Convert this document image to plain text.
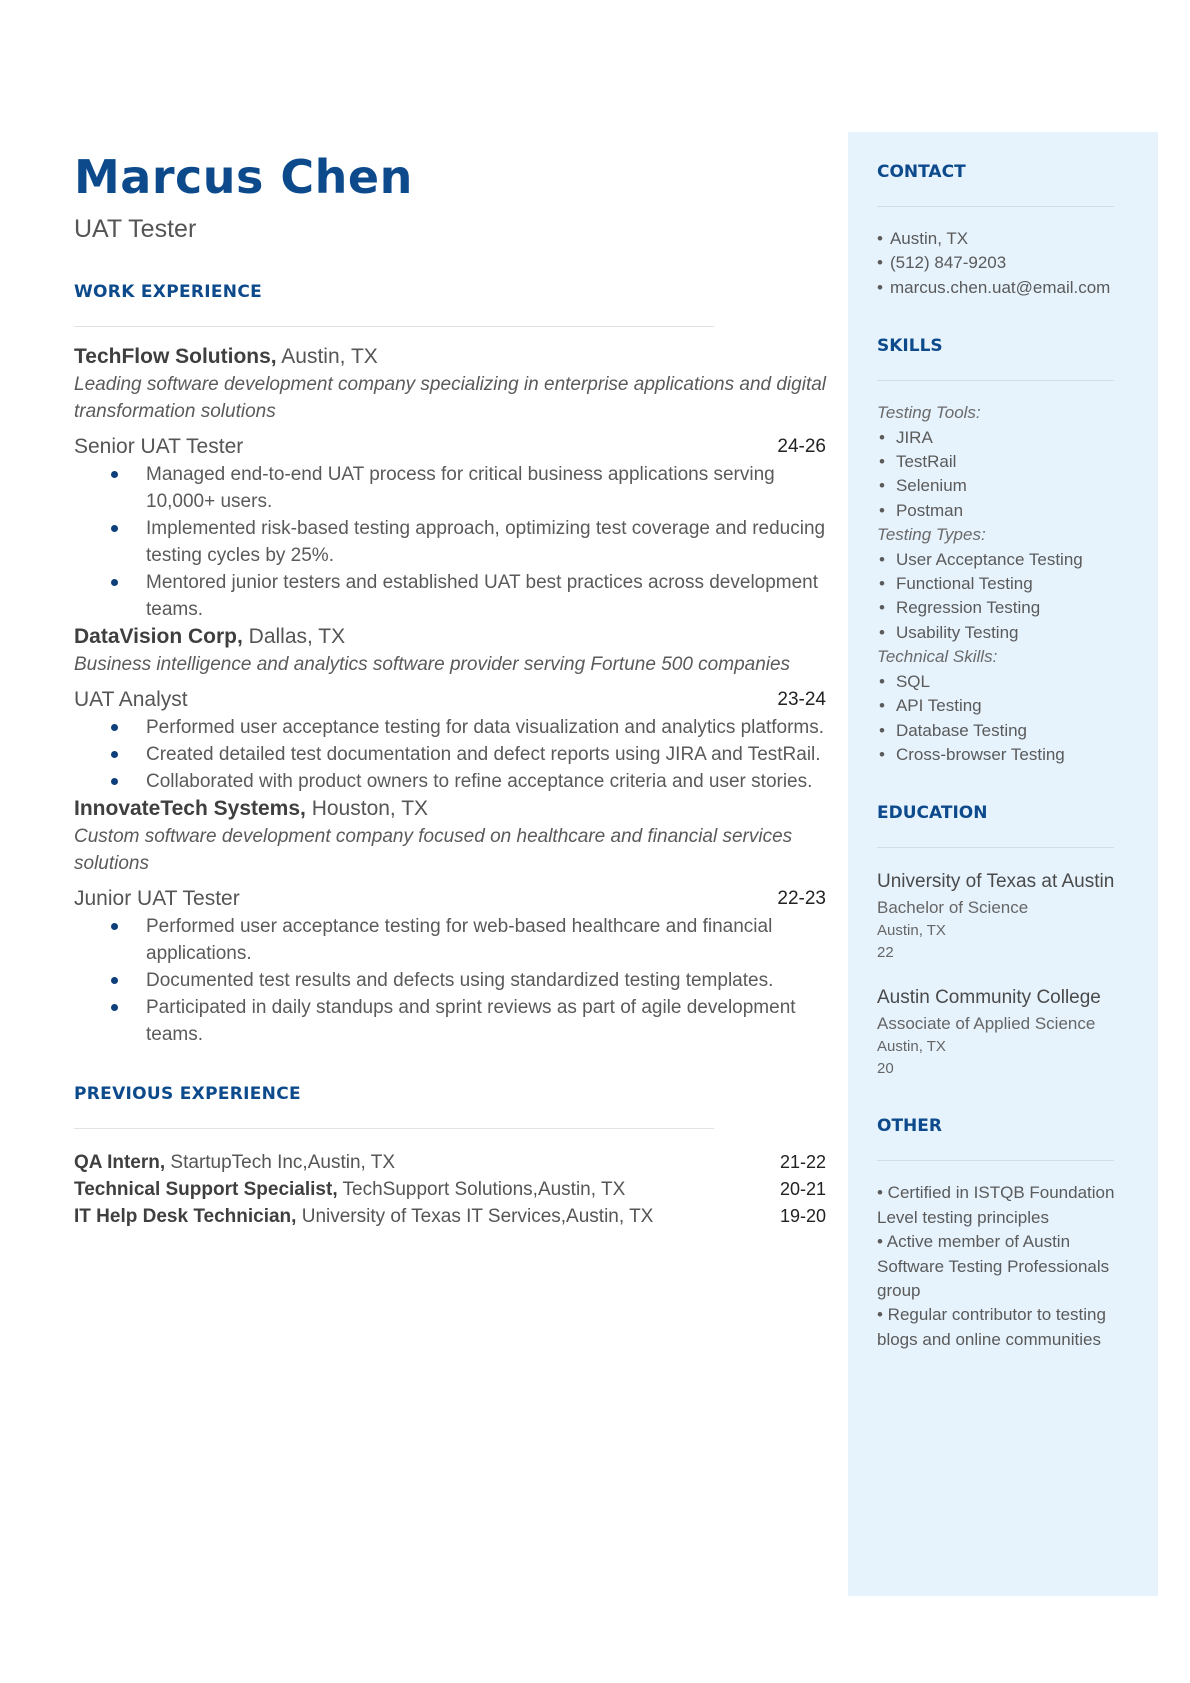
Marcus Chen
UAT Tester
WORK EXPERIENCE
TechFlow Solutions, Austin, TX
Leading software development company specializing in enterprise applications and digital transformation solutions
Senior UAT Tester	24-26
Managed end-to-end UAT process for critical business applications serving 10,000+ users.
Implemented risk-based testing approach, optimizing test coverage and reducing testing cycles by 25%.
Mentored junior testers and established UAT best practices across development teams.
DataVision Corp, Dallas, TX
Business intelligence and analytics software provider serving Fortune 500 companies
UAT Analyst	23-24
Performed user acceptance testing for data visualization and analytics platforms.
Created detailed test documentation and defect reports using JIRA and TestRail.
Collaborated with product owners to refine acceptance criteria and user stories.
InnovateTech Systems, Houston, TX
Custom software development company focused on healthcare and financial services solutions
Junior UAT Tester	22-23
Performed user acceptance testing for web-based healthcare and financial applications.
Documented test results and defects using standardized testing templates.
Participated in daily standups and sprint reviews as part of agile development teams.
PREVIOUS EXPERIENCE
QA Intern, StartupTech Inc,Austin, TX	21-22
Technical Support Specialist, TechSupport Solutions,Austin, TX	20-21
IT Help Desk Technician, University of Texas IT Services,Austin, TX	19-20
CONTACT
• Austin, TX
• (512) 847-9203
• marcus.chen.uat@email.com
SKILLS
Testing Tools:
• JIRA
• TestRail
• Selenium
• Postman
Testing Types:
• User Acceptance Testing
• Functional Testing
• Regression Testing
• Usability Testing
Technical Skills:
• SQL
• API Testing
• Database Testing
• Cross-browser Testing
EDUCATION
University of Texas at Austin
Bachelor of Science
Austin, TX
22
Austin Community College
Associate of Applied Science
Austin, TX
20
OTHER
• Certified in ISTQB Foundation Level testing principles
• Active member of Austin Software Testing Professionals group
• Regular contributor to testing blogs and online communities
